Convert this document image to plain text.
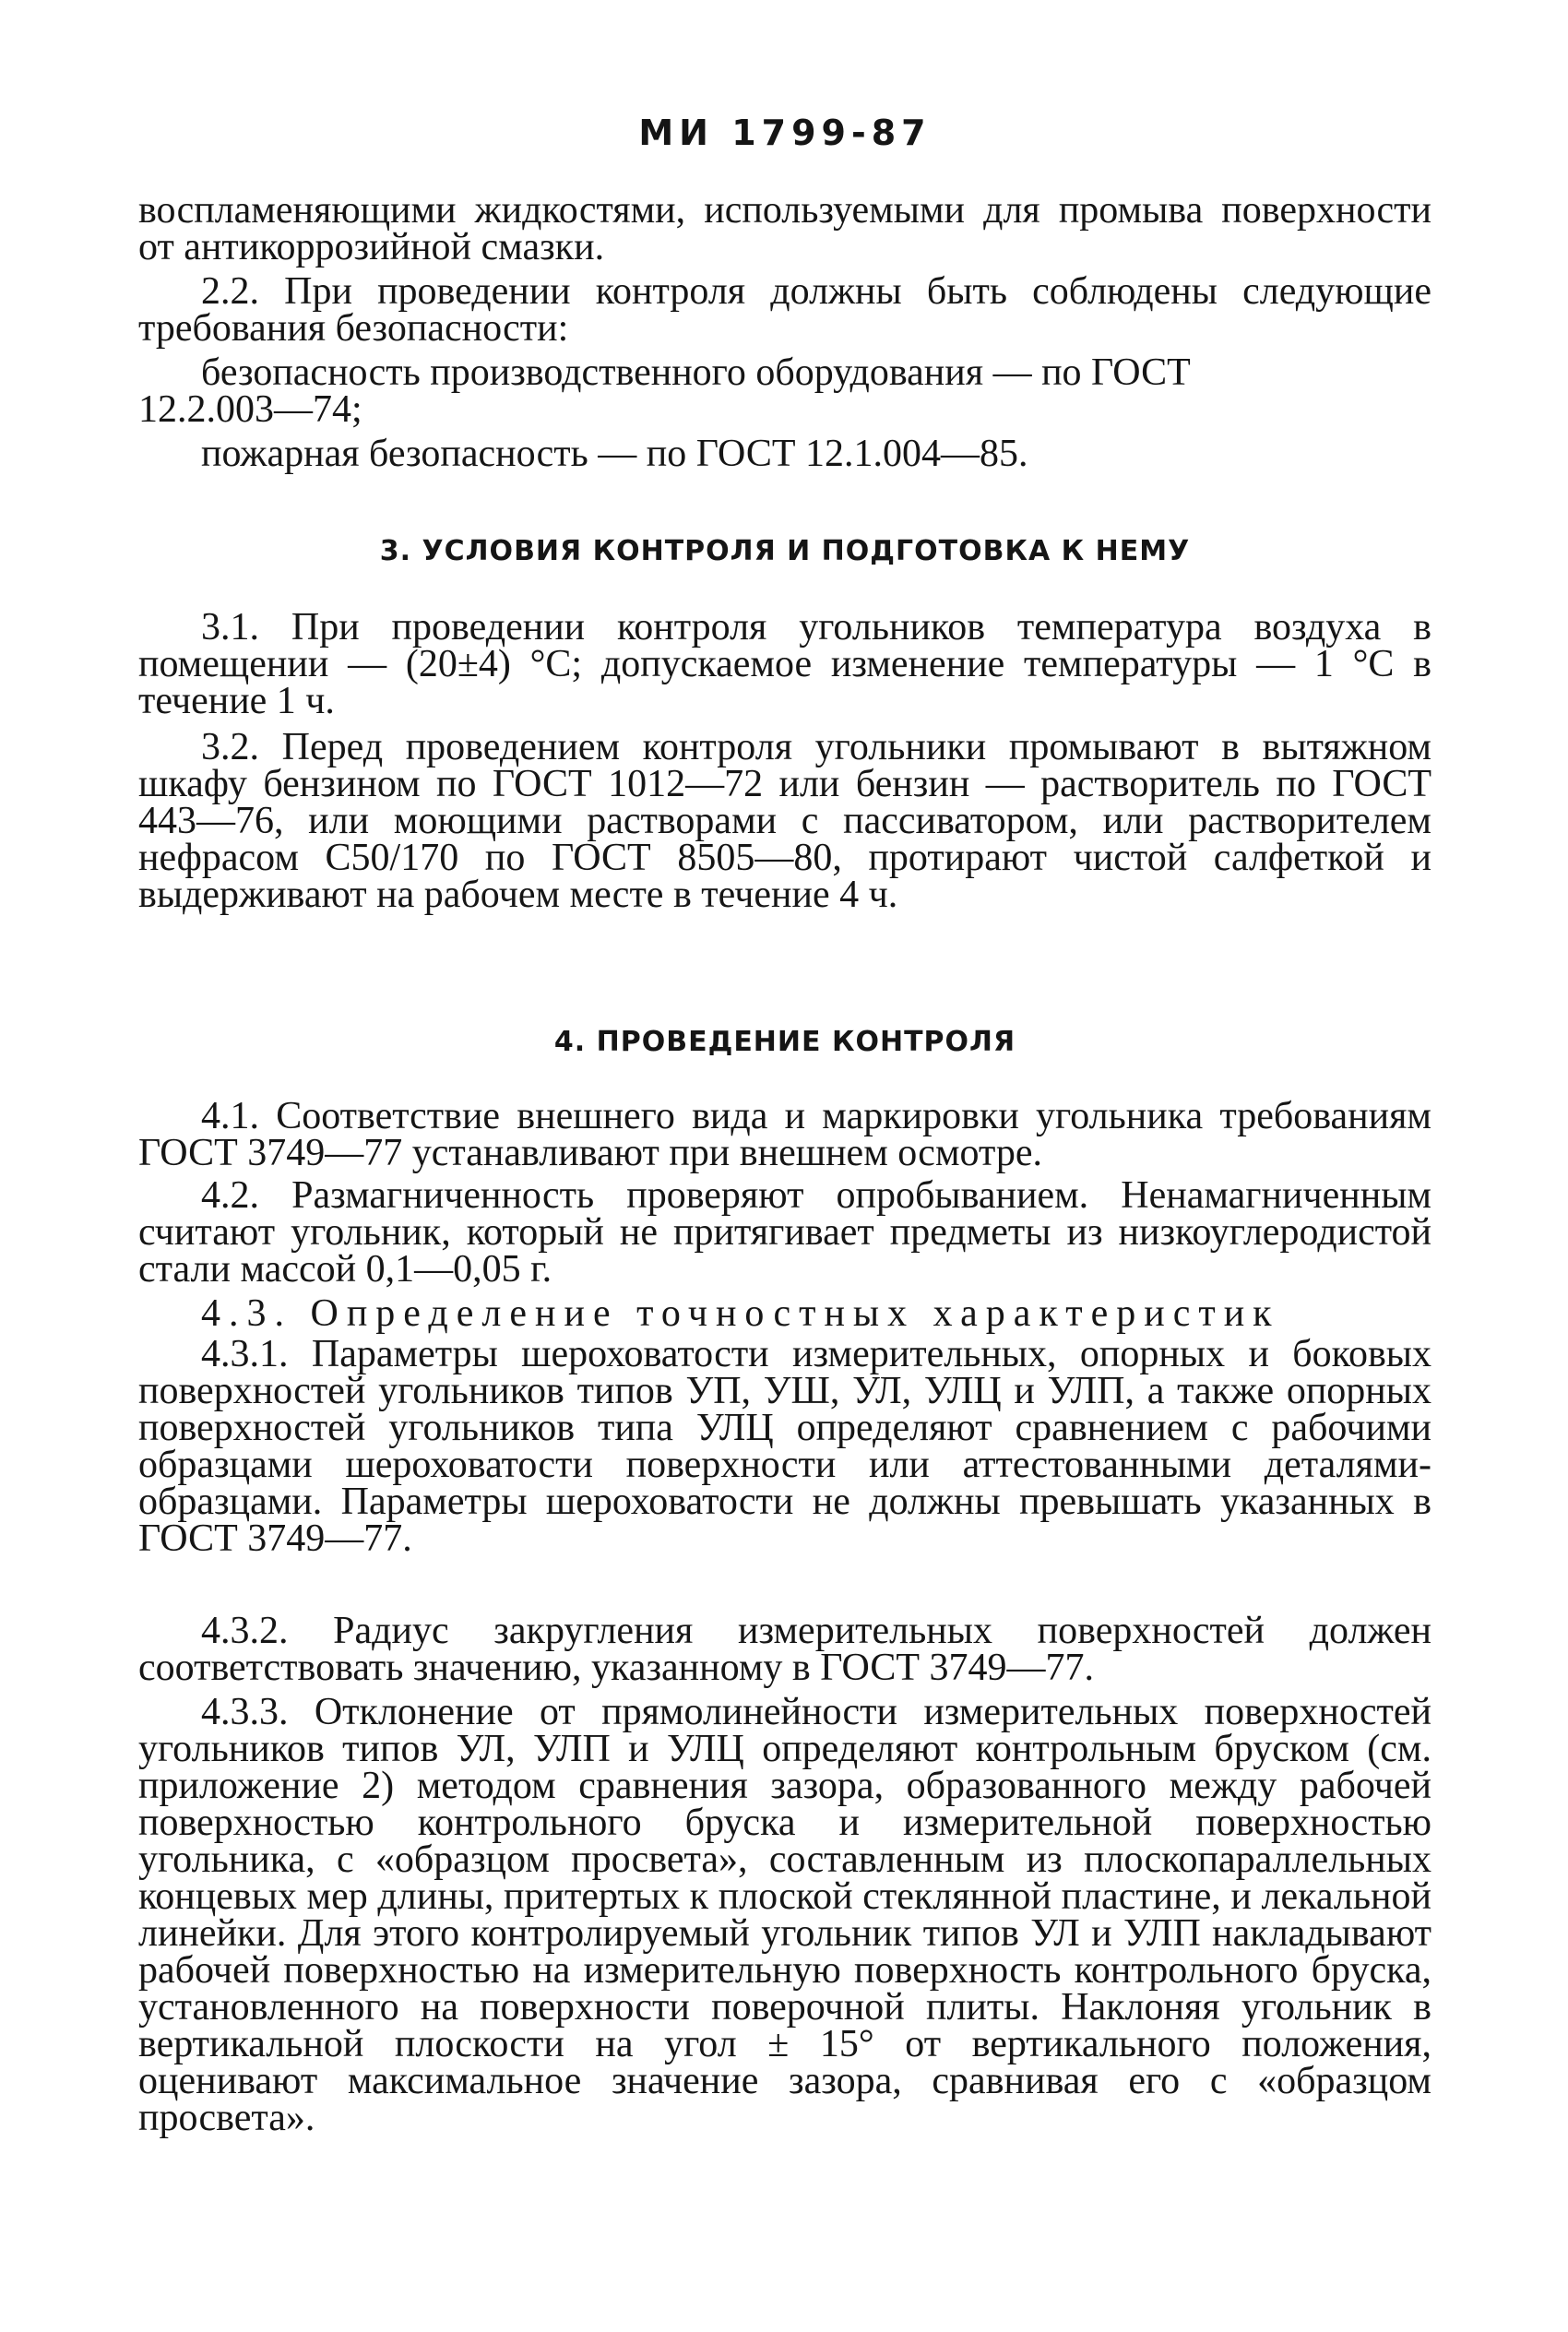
МИ 1799-87

воспламеняющими жидкостями, используемыми для промыва поверхности от антикоррозийной смазки.

2.2. При проведении контроля должны быть соблюдены следующие требования безопасности:

безопасность производственного оборудования — по ГОСТ

12.2.003—74;

пожарная безопасность — по ГОСТ 12.1.004—85.

3. УСЛОВИЯ КОНТРОЛЯ И ПОДГОТОВКА К НЕМУ

3.1. При проведении контроля угольников температура воздуха в помещении — (20±4) °С; допускаемое изменение температуры — 1 °С в течение 1 ч.

3.2. Перед проведением контроля угольники промывают в вытяжном шкафу бензином по ГОСТ 1012—72 или бензин — растворитель по ГОСТ 443—76, или моющими растворами с пассиватором, или растворителем нефрасом С50/170 по ГОСТ 8505—80, протирают чистой салфеткой и выдерживают на рабочем месте в течение 4 ч.

4. ПРОВЕДЕНИЕ КОНТРОЛЯ

4.1. Соответствие внешнего вида и маркировки угольника требованиям ГОСТ 3749—77 устанавливают при внешнем осмотре.

4.2. Размагниченность проверяют опробыванием. Ненамагниченным считают угольник, который не притягивает предметы из низкоуглеродистой стали массой 0,1—0,05 г.

4.3. Определение точностных характеристик

4.3.1. Параметры шероховатости измерительных, опорных и боковых поверхностей угольников типов УП, УШ, УЛ, УЛЦ и УЛП, а также опорных поверхностей угольников типа УЛЦ определяют сравнением с рабочими образцами шероховатости поверхности или аттестованными деталями-образцами. Параметры шероховатости не должны превышать указанных в ГОСТ 3749—77.

4.3.2. Радиус закругления измерительных поверхностей должен соответствовать значению, указанному в ГОСТ 3749—77.

4.3.3. Отклонение от прямолинейности измерительных поверхностей угольников типов УЛ, УЛП и УЛЦ определяют контрольным бруском (см. приложение 2) методом сравнения зазора, образованного между рабочей поверхностью контрольного бруска и измерительной поверхностью угольника, с «образцом просвета», составленным из плоскопараллельных концевых мер длины, притертых к плоской стеклянной пластине, и лекальной линейки. Для этого контролируемый угольник типов УЛ и УЛП накладывают рабочей поверхностью на измерительную поверхность контрольного бруска, установленного на поверхности поверочной плиты. Наклоняя угольник в вертикальной плоскости на угол ± 15° от вертикального положения, оценивают максимальное значение зазора, сравнивая его с «образцом просвета».
